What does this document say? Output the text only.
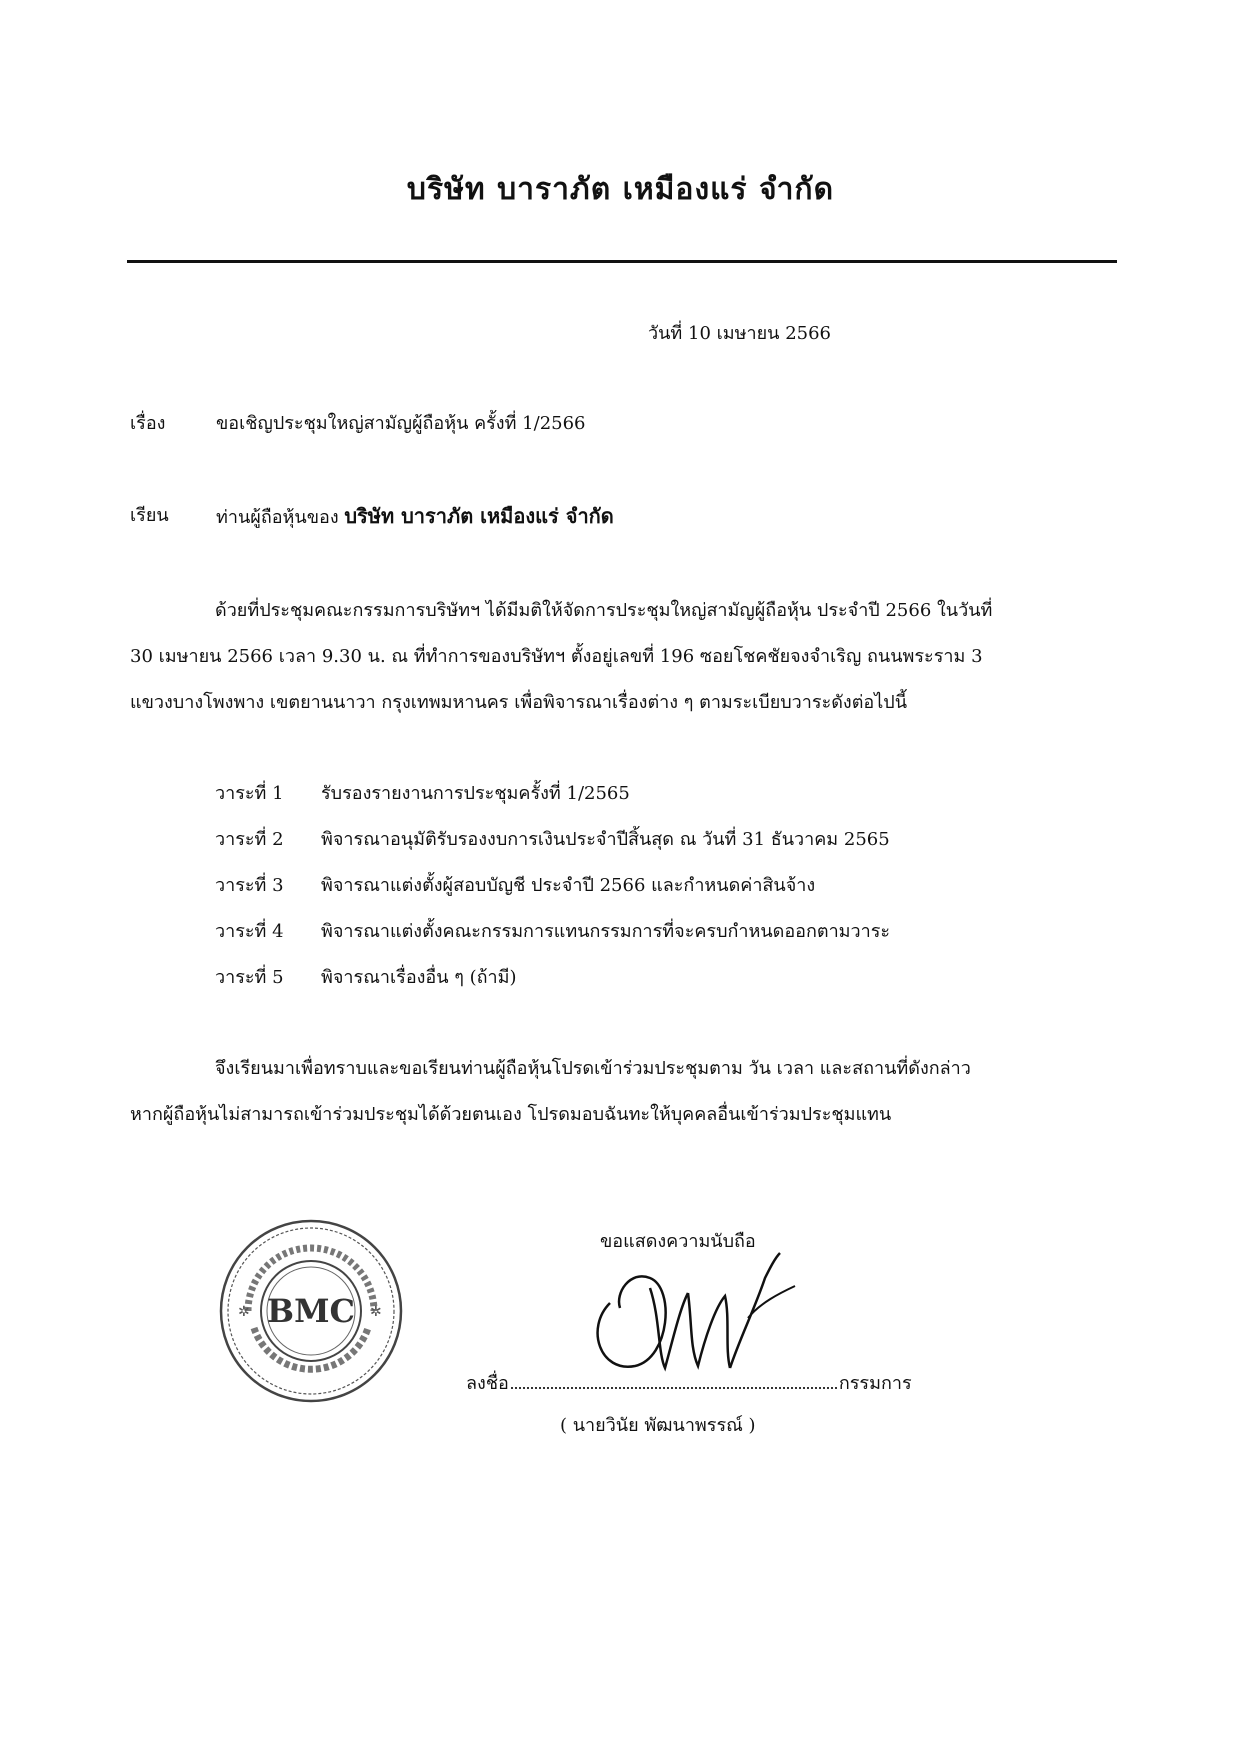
บริษัท บาราภัต เหมืองแร่ จำกัด
วันที่ 10 เมษายน 2566
เรื่อง	ขอเชิญประชุมใหญ่สามัญผู้ถือหุ้น ครั้งที่ 1/2566
เรียน	ท่านผู้ถือหุ้นของ บริษัท บาราภัต เหมืองแร่ จำกัด
ด้วยที่ประชุมคณะกรรมการบริษัทฯ ได้มีมติให้จัดการประชุมใหญ่สามัญผู้ถือหุ้น ประจำปี 2566 ในวันที่
30 เมษายน 2566 เวลา 9.30 น. ณ ที่ทำการของบริษัทฯ ตั้งอยู่เลขที่ 196 ซอยโชคชัยจงจำเริญ ถนนพระราม 3
แขวงบางโพงพาง เขตยานนาวา กรุงเทพมหานคร เพื่อพิจารณาเรื่องต่าง ๆ ตามระเบียบวาระดังต่อไปนี้
วาระที่ 1 รับรองรายงานการประชุมครั้งที่ 1/2565
วาระที่ 2 พิจารณาอนุมัติรับรองงบการเงินประจำปีสิ้นสุด ณ วันที่ 31 ธันวาคม 2565
วาระที่ 3 พิจารณาแต่งตั้งผู้สอบบัญชี ประจำปี 2566 และกำหนดค่าสินจ้าง
วาระที่ 4 พิจารณาแต่งตั้งคณะกรรมการแทนกรรมการที่จะครบกำหนดออกตามวาระ
วาระที่ 5 พิจารณาเรื่องอื่น ๆ (ถ้ามี)
จึงเรียนมาเพื่อทราบและขอเรียนท่านผู้ถือหุ้นโปรดเข้าร่วมประชุมตาม วัน เวลา และสถานที่ดังกล่าว
หากผู้ถือหุ้นไม่สามารถเข้าร่วมประชุมได้ด้วยตนเอง โปรดมอบฉันทะให้บุคคลอื่นเข้าร่วมประชุมแทน
ขอแสดงความนับถือ
BMC
✲	✲
ลงชื่อ	กรรมการ
( นายวินัย พัฒนาพรรณ์ )
